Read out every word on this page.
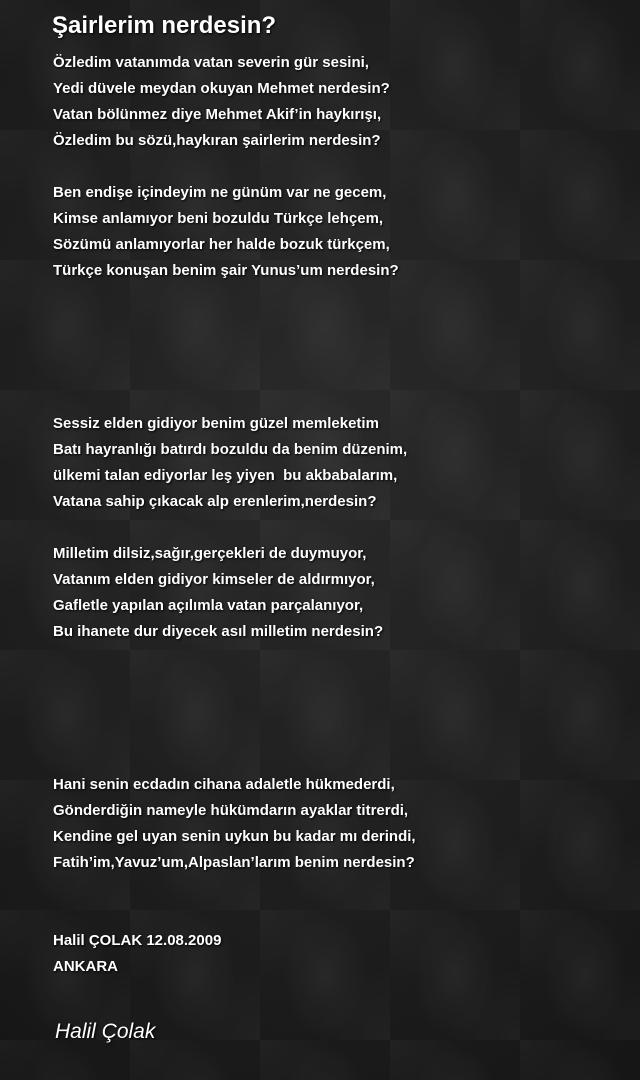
Şairlerim nerdesin?
Özledim vatanımda vatan severin gür sesini,
Yedi düvele meydan okuyan Mehmet nerdesin?
Vatan bölünmez diye Mehmet Akif’in haykırışı,
Özledim bu sözü,haykıran şairlerim nerdesin?
Ben endişe içindeyim ne günüm var ne gecem,
Kimse anlamıyor beni bozuldu Türkçe lehçem,
Sözümü anlamıyorlar her halde bozuk türkçem,
Türkçe konuşan benim şair Yunus’um nerdesin?
Sessiz elden gidiyor benim güzel memleketim
Batı hayranlığı batırdı bozuldu da benim düzenim,
ülkemi talan ediyorlar leş yiyen  bu akbabalarım,
Vatana sahip çıkacak alp erenlerim,nerdesin?
Milletim dilsiz,sağır,gerçekleri de duymuyor,
Vatanım elden gidiyor kimseler de aldırmıyor,
Gafletle yapılan açılımla vatan parçalanıyor,
Bu ihanete dur diyecek asıl milletim nerdesin?
Hani senin ecdadın cihana adaletle hükmederdi,
Gönderdiğin nameyle hükümdarın ayaklar titrerdi,
Kendine gel uyan senin uykun bu kadar mı derindi,
Fatih’im,Yavuz’um,Alpaslan’larım benim nerdesin?
Halil ÇOLAK 12.08.2009
ANKARA
Halil Çolak
